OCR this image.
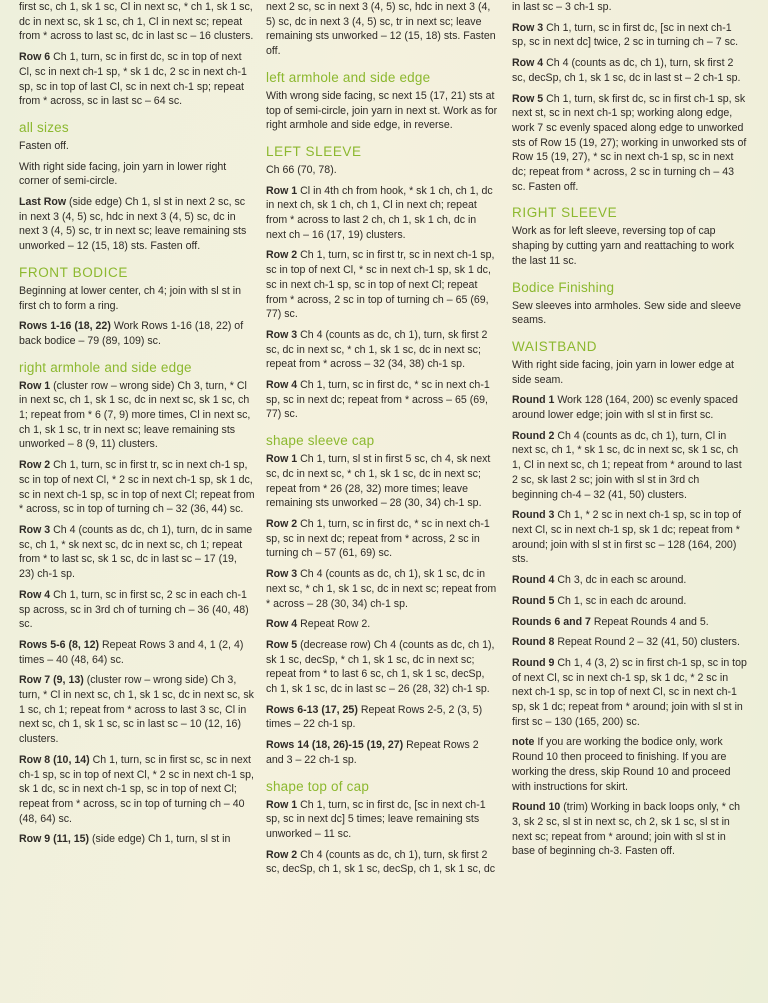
first sc, ch 1, sk 1 sc, Cl in next sc, * ch 1, sk 1 sc, dc in next sc, sk 1 sc, ch 1, Cl in next sc; repeat from * across to last sc, dc in last sc – 16 clusters.

Row 6 Ch 1, turn, sc in first dc, sc in top of next Cl, sc in next ch-1 sp, * sk 1 dc, 2 sc in next ch-1 sp, sc in top of last Cl, sc in next ch-1 sp; repeat from * across, sc in last sc – 64 sc.

all sizes

Fasten off.

With right side facing, join yarn in lower right corner of semi-circle.

Last Row (side edge) Ch 1, sl st in next 2 sc, sc in next 3 (4, 5) sc, hdc in next 3 (4, 5) sc, dc in next 3 (4, 5) sc, tr in next sc; leave remaining sts unworked – 12 (15, 18) sts. Fasten off.

FRONT BODICE

Beginning at lower center, ch 4; join with sl st in first ch to form a ring.

Rows 1-16 (18, 22) Work Rows 1-16 (18, 22) of back bodice – 79 (89, 109) sc.

right armhole and side edge

Row 1 (cluster row – wrong side) Ch 3, turn, * Cl in next sc, ch 1, sk 1 sc, dc in next sc, sk 1 sc, ch 1; repeat from * 6 (7, 9) more times, Cl in next sc, ch 1, sk 1 sc, tr in next sc; leave remaining sts unworked – 8 (9, 11) clusters.

Row 2 Ch 1, turn, sc in first tr, sc in next ch-1 sp, sc in top of next Cl, * 2 sc in next ch-1 sp, sk 1 dc, sc in next ch-1 sp, sc in top of next Cl; repeat from * across, sc in top of turning ch – 32 (36, 44) sc.

Row 3 Ch 4 (counts as dc, ch 1), turn, dc in same sc, ch 1, * sk next sc, dc in next sc, ch 1; repeat from * to last sc, sk 1 sc, dc in last sc – 17 (19, 23) ch-1 sp.

Row 4 Ch 1, turn, sc in first sc, 2 sc in each ch-1 sp across, sc in 3rd ch of turning ch – 36 (40, 48) sc.

Rows 5-6 (8, 12) Repeat Rows 3 and 4, 1 (2, 4) times – 40 (48, 64) sc.

Row 7 (9, 13) (cluster row – wrong side) Ch 3, turn, * Cl in next sc, ch 1, sk 1 sc, dc in next sc, sk 1 sc, ch 1; repeat from * across to last 3 sc, Cl in next sc, ch 1, sk 1 sc, sc in last sc – 10 (12, 16) clusters.

Row 8 (10, 14) Ch 1, turn, sc in first sc, sc in next ch-1 sp, sc in top of next Cl, * 2 sc in next ch-1 sp, sk 1 dc, sc in next ch-1 sp, sc in top of next Cl; repeat from * across, sc in top of turning ch – 40 (48, 64) sc.

Row 9 (11, 15) (side edge) Ch 1, turn, sl st in

next 2 sc, sc in next 3 (4, 5) sc, hdc in next 3 (4, 5) sc, dc in next 3 (4, 5) sc, tr in next sc; leave remaining sts unworked – 12 (15, 18) sts. Fasten off.

left armhole and side edge

With wrong side facing, sc next 15 (17, 21) sts at top of semi-circle, join yarn in next st. Work as for right armhole and side edge, in reverse.

LEFT SLEEVE

Ch 66 (70, 78).

Row 1 Cl in 4th ch from hook, * sk 1 ch, ch 1, dc in next ch, sk 1 ch, ch 1, Cl in next ch; repeat from * across to last 2 ch, ch 1, sk 1 ch, dc in next ch – 16 (17, 19) clusters.

Row 2 Ch 1, turn, sc in first tr, sc in next ch-1 sp, sc in top of next Cl, * sc in next ch-1 sp, sk 1 dc, sc in next ch-1 sp, sc in top of next Cl; repeat from * across, 2 sc in top of turning ch – 65 (69, 77) sc.

Row 3 Ch 4 (counts as dc, ch 1), turn, sk first 2 sc, dc in next sc, * ch 1, sk 1 sc, dc in next sc; repeat from * across – 32 (34, 38) ch-1 sp.

Row 4 Ch 1, turn, sc in first dc, * sc in next ch-1 sp, sc in next dc; repeat from * across – 65 (69, 77) sc.

shape sleeve cap

Row 1 Ch 1, turn, sl st in first 5 sc, ch 4, sk next sc, dc in next sc, * ch 1, sk 1 sc, dc in next sc; repeat from * 26 (28, 32) more times; leave remaining sts unworked – 28 (30, 34) ch-1 sp.

Row 2 Ch 1, turn, sc in first dc, * sc in next ch-1 sp, sc in next dc; repeat from * across, 2 sc in turning ch – 57 (61, 69) sc.

Row 3 Ch 4 (counts as dc, ch 1), sk 1 sc, dc in next sc, * ch 1, sk 1 sc, dc in next sc; repeat from * across – 28 (30, 34) ch-1 sp.

Row 4 Repeat Row 2.

Row 5 (decrease row) Ch 4 (counts as dc, ch 1), sk 1 sc, decSp, * ch 1, sk 1 sc, dc in next sc; repeat from * to last 6 sc, ch 1, sk 1 sc, decSp, ch 1, sk 1 sc, dc in last sc – 26 (28, 32) ch-1 sp.

Rows 6-13 (17, 25) Repeat Rows 2-5, 2 (3, 5) times – 22 ch-1 sp.

Rows 14 (18, 26)-15 (19, 27) Repeat Rows 2 and 3 – 22 ch-1 sp.

shape top of cap

Row 1 Ch 1, turn, sc in first dc, [sc in next ch-1 sp, sc in next dc] 5 times; leave remaining sts unworked – 11 sc.

Row 2 Ch 4 (counts as dc, ch 1), turn, sk first 2 sc, decSp, ch 1, sk 1 sc, decSp, ch 1, sk 1 sc, dc

in last sc – 3 ch-1 sp.

Row 3 Ch 1, turn, sc in first dc, [sc in next ch-1 sp, sc in next dc] twice, 2 sc in turning ch – 7 sc.

Row 4 Ch 4 (counts as dc, ch 1), turn, sk first 2 sc, decSp, ch 1, sk 1 sc, dc in last st – 2 ch-1 sp.

Row 5 Ch 1, turn, sk first dc, sc in first ch-1 sp, sk next st, sc in next ch-1 sp; working along edge, work 7 sc evenly spaced along edge to unworked sts of Row 15 (19, 27); working in unworked sts of Row 15 (19, 27), * sc in next ch-1 sp, sc in next dc; repeat from * across, 2 sc in turning ch – 43 sc. Fasten off.

RIGHT SLEEVE

Work as for left sleeve, reversing top of cap shaping by cutting yarn and reattaching to work the last 11 sc.

Bodice Finishing

Sew sleeves into armholes. Sew side and sleeve seams.

WAISTBAND

With right side facing, join yarn in lower edge at side seam.

Round 1 Work 128 (164, 200) sc evenly spaced around lower edge; join with sl st in first sc.

Round 2 Ch 4 (counts as dc, ch 1), turn, Cl in next sc, ch 1, * sk 1 sc, dc in next sc, sk 1 sc, ch 1, Cl in next sc, ch 1; repeat from * around to last 2 sc, sk last 2 sc; join with sl st in 3rd ch beginning ch-4 – 32 (41, 50) clusters.

Round 3 Ch 1, * 2 sc in next ch-1 sp, sc in top of next Cl, sc in next ch-1 sp, sk 1 dc; repeat from * around; join with sl st in first sc – 128 (164, 200) sts.

Round 4 Ch 3, dc in each sc around.

Round 5 Ch 1, sc in each dc around.

Rounds 6 and 7 Repeat Rounds 4 and 5.

Round 8 Repeat Round 2 – 32 (41, 50) clusters.

Round 9 Ch 1, 4 (3, 2) sc in first ch-1 sp, sc in top of next Cl, sc in next ch-1 sp, sk 1 dc, * 2 sc in next ch-1 sp, sc in top of next Cl, sc in next ch-1 sp, sk 1 dc; repeat from * around; join with sl st in first sc – 130 (165, 200) sc.

note If you are working the bodice only, work Round 10 then proceed to finishing. If you are working the dress, skip Round 10 and proceed with instructions for skirt.

Round 10 (trim) Working in back loops only, * ch 3, sk 2 sc, sl st in next sc, ch 2, sk 1 sc, sl st in next sc; repeat from * around; join with sl st in base of beginning ch-3. Fasten off.
